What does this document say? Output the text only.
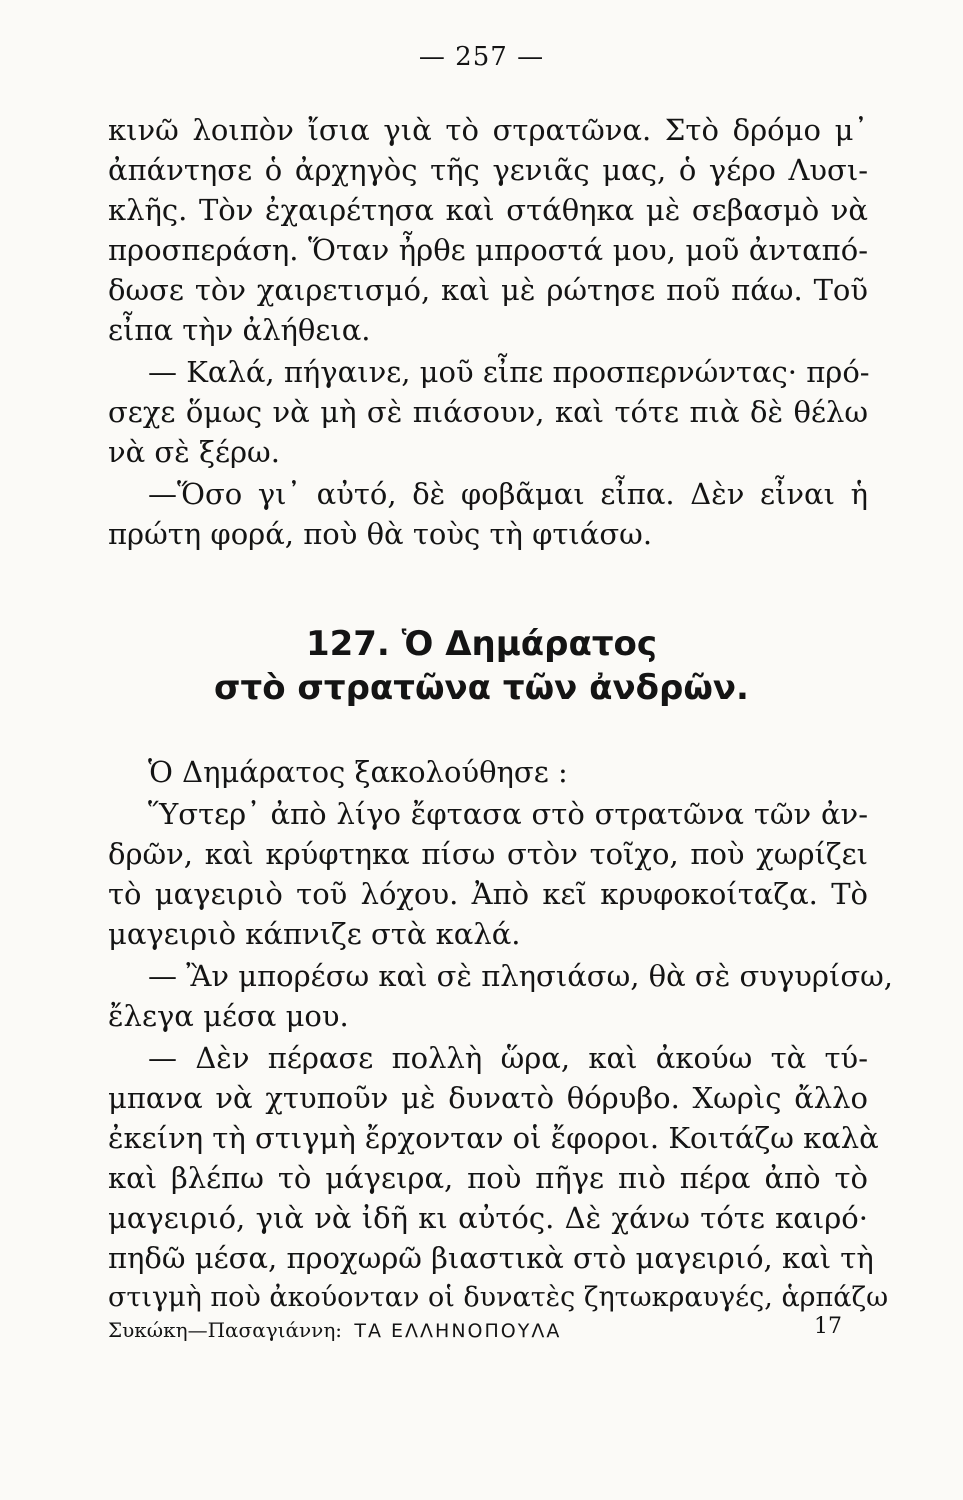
— 257 —
κινῶ λοιπὸν ἴσια γιὰ τὸ στρατῶνα. Στὸ δρόμο μ᾽
ἀπάντησε ὁ ἀρχηγὸς τῆς γενιᾶς μας, ὁ γέρο Λυσι-
κλῆς. Τὸν ἐχαιρέτησα καὶ στάθηκα μὲ σεβασμὸ νὰ
προσπεράση. Ὅταν ἦρθε μπροστά μου, μοῦ ἀνταπό-
δωσε τὸν χαιρετισμό, καὶ μὲ ρώτησε ποῦ πάω. Τοῦ
εἶπα τὴν ἀλήθεια.
— Καλά, πήγαινε, μοῦ εἶπε προσπερνώντας· πρό-
σεχε ὅμως νὰ μὴ σὲ πιάσουν, καὶ τότε πιὰ δὲ θέλω
νὰ σὲ ξέρω.
—Ὅσο γι᾽ αὐτό, δὲ φοβᾶμαι εἶπα. Δὲν εἶναι ἡ
πρώτη φορά, ποὺ θὰ τοὺς τὴ φτιάσω.
127. Ὁ Δημάρατος
στὸ στρατῶνα τῶν ἀνδρῶν.
Ὁ Δημάρατος ξακολούθησε :
Ὕστερ᾽ ἀπὸ λίγο ἔφτασα στὸ στρατῶνα τῶν ἀν-
δρῶν, καὶ κρύφτηκα πίσω στὸν τοῖχο, ποὺ χωρίζει
τὸ μαγειριὸ τοῦ λόχου. Ἀπὸ κεῖ κρυφοκοίταζα. Τὸ
μαγειριὸ κάπνιζε στὰ καλά.
— Ἂν μπορέσω καὶ σὲ πλησιάσω, θὰ σὲ συγυρίσω,
ἔλεγα μέσα μου.
— Δὲν πέρασε πολλὴ ὥρα, καὶ ἀκούω τὰ τύ-
μπανα νὰ χτυποῦν μὲ δυνατὸ θόρυβο. Χωρὶς ἄλλο
ἐκείνη τὴ στιγμὴ ἔρχονταν οἱ ἔφοροι. Κοιτάζω καλὰ
καὶ βλέπω τὸ μάγειρα, ποὺ πῆγε πιὸ πέρα ἀπὸ τὸ
μαγειριό, γιὰ νὰ ἰδῆ κι αὐτός. Δὲ χάνω τότε καιρό·
πηδῶ μέσα, προχωρῶ βιαστικὰ στὸ μαγειριό, καὶ τὴ
στιγμὴ ποὺ ἀκούονταν οἱ δυνατὲς ζητωκραυγές, ἁρπάζω
Συκώκη—Πασαγιάννη: ΤΑ ΕΛΛΗΝΟΠΟΥΛΑ	17
